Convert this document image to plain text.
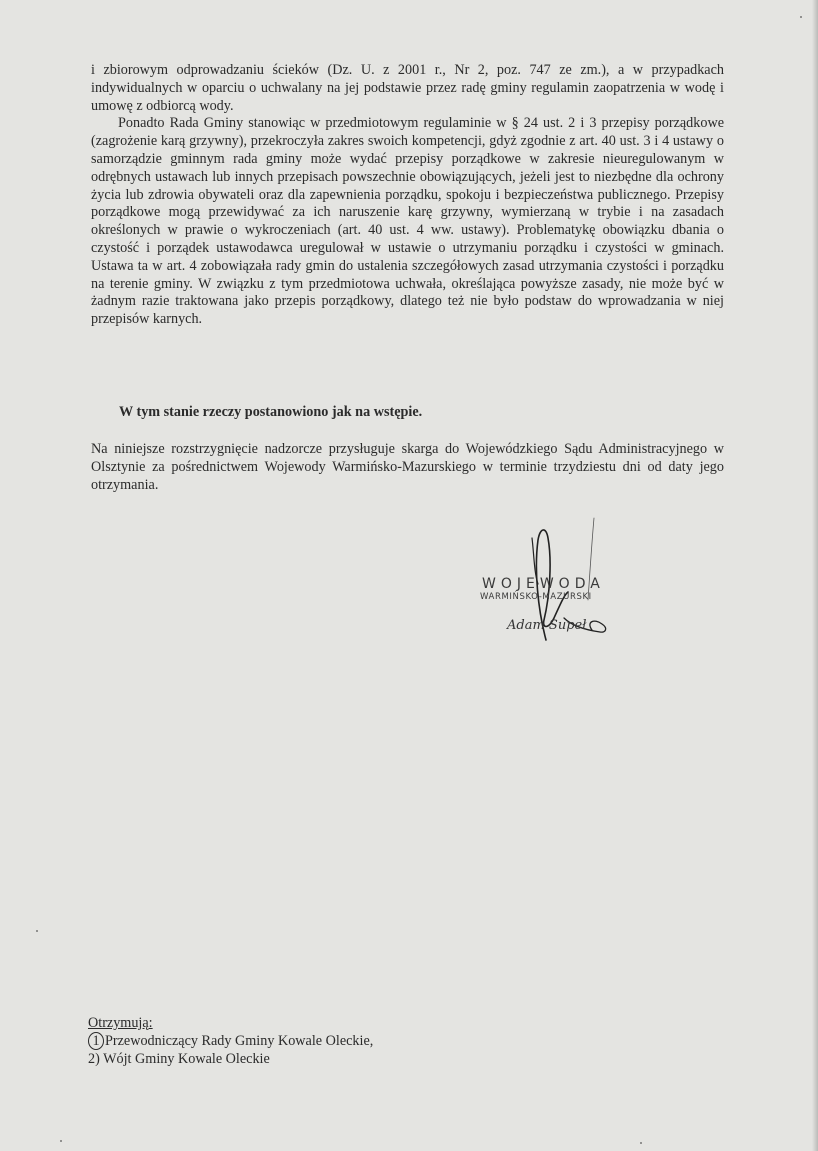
i zbiorowym odprowadzaniu ścieków (Dz. U. z 2001 r., Nr 2, poz. 747 ze zm.), a w przypadkach indywidualnych w oparciu o uchwalany na jej podstawie przez radę gminy regulamin zaopatrzenia w wodę i umowę z odbiorcą wody.

Ponadto Rada Gminy stanowiąc w przedmiotowym regulaminie w § 24 ust. 2 i 3 przepisy porządkowe (zagrożenie karą grzywny), przekroczyła zakres swoich kompetencji, gdyż zgodnie z art. 40 ust. 3 i 4 ustawy o samorządzie gminnym rada gminy może wydać przepisy porządkowe w zakresie nieuregulowanym w odrębnych ustawach lub innych przepisach powszechnie obowiązujących, jeżeli jest to niezbędne dla ochrony życia lub zdrowia obywateli oraz dla zapewnienia porządku, spokoju i bezpieczeństwa publicznego. Przepisy porządkowe mogą przewidywać za ich naruszenie karę grzywny, wymierzaną w trybie i na zasadach określonych w prawie o wykroczeniach (art. 40 ust. 4 ww. ustawy). Problematykę obowiązku dbania o czystość i porządek ustawodawca uregulował w ustawie o utrzymaniu porządku i czystości w gminach. Ustawa ta w art. 4 zobowiązała rady gmin do ustalenia szczegółowych zasad utrzymania czystości i porządku na terenie gminy. W związku z tym przedmiotowa uchwała, określająca powyższe zasady, nie może być w żadnym razie traktowana jako przepis porządkowy, dlatego też nie było podstaw do wprowadzania w niej przepisów karnych.

W tym stanie rzeczy postanowiono jak na wstępie.
Na niniejsze rozstrzygnięcie nadzorcze przysługuje skarga do Wojewódzkiego Sądu Administracyjnego w Olsztynie za pośrednictwem Wojewody Warmińsko-Mazurskiego w terminie trzydziestu dni od daty jego otrzymania.
WOJEWODA
WARMIŃSKO-MAZURSKI
Adam Supeł
Otrzymują:
1 Przewodniczący Rady Gminy Kowale Oleckie,
2) Wójt Gminy Kowale Oleckie
